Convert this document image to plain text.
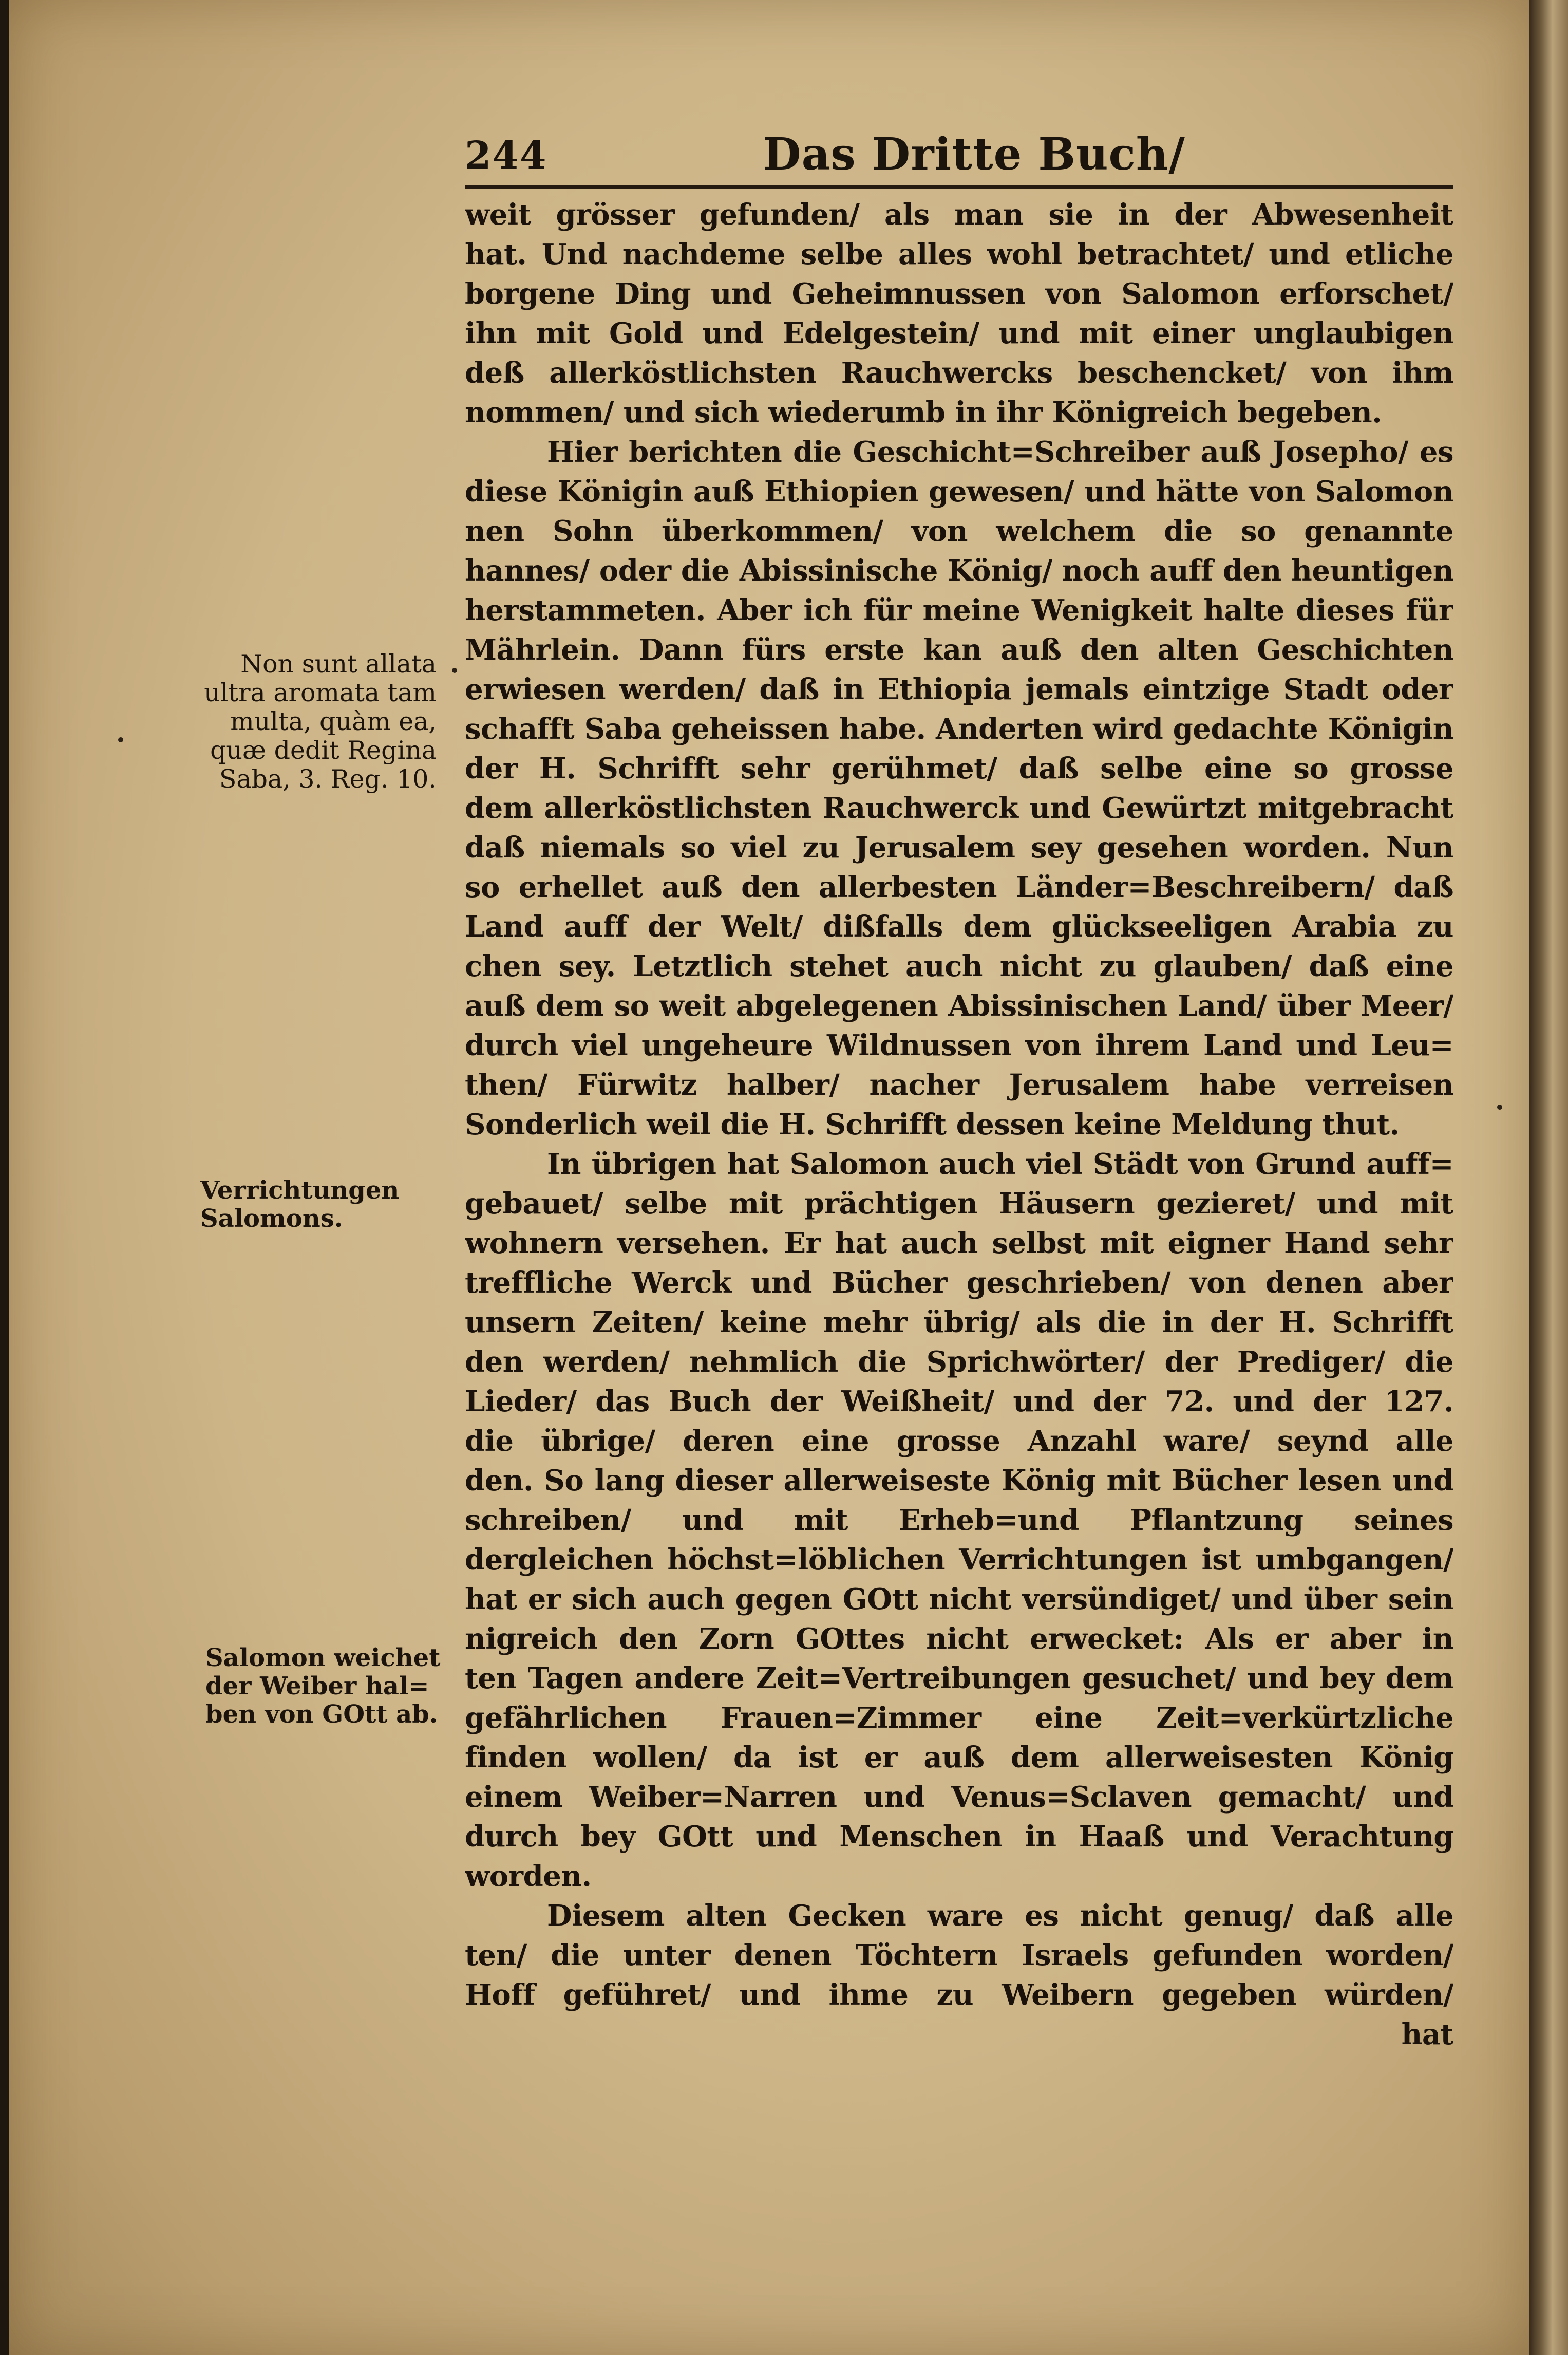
244	Das Dritte Buch/
weit grösser gefunden/ als man sie in der Abwesenheit
hat. Und nachdeme selbe alles wohl betrachtet/ und etliche
borgene Ding und Geheimnussen von Salomon erforschet/
ihn mit Gold und Edelgestein/ und mit einer unglaubigen
deß allerköstlichsten Rauchwercks beschencket/ von ihm
nommen/ und sich wiederumb in ihr Königreich begeben.
Hier berichten die Geschicht=Schreiber auß Josepho/ es
diese Königin auß Ethiopien gewesen/ und hätte von Salomon
nen Sohn überkommen/ von welchem die so genannte
hannes/ oder die Abissinische König/ noch auff den heuntigen
herstammeten. Aber ich für meine Wenigkeit halte dieses für
Mährlein. Dann fürs erste kan auß den alten Geschichten
erwiesen werden/ daß in Ethiopia jemals eintzige Stadt oder
schafft Saba geheissen habe. Anderten wird gedachte Königin
der H. Schrifft sehr gerühmet/ daß selbe eine so grosse
dem allerköstlichsten Rauchwerck und Gewürtzt mitgebracht
daß niemals so viel zu Jerusalem sey gesehen worden. Nun
so erhellet auß den allerbesten Länder=Beschreibern/ daß
Land auff der Welt/ dißfalls dem glückseeligen Arabia zu
chen sey. Letztlich stehet auch nicht zu glauben/ daß eine
auß dem so weit abgelegenen Abissinischen Land/ über Meer/
durch viel ungeheure Wildnussen von ihrem Land und Leu=
then/ Fürwitz halber/ nacher Jerusalem habe verreisen
Sonderlich weil die H. Schrifft dessen keine Meldung thut.
In übrigen hat Salomon auch viel Städt von Grund auff=
gebauet/ selbe mit prächtigen Häusern gezieret/ und mit
wohnern versehen. Er hat auch selbst mit eigner Hand sehr
treffliche Werck und Bücher geschrieben/ von denen aber
unsern Zeiten/ keine mehr übrig/ als die in der H. Schrifft
den werden/ nehmlich die Sprichwörter/ der Prediger/ die
Lieder/ das Buch der Weißheit/ und der 72. und der 127.
die übrige/ deren eine grosse Anzahl ware/ seynd alle
den. So lang dieser allerweiseste König mit Bücher lesen und
schreiben/ und mit Erheb=und Pflantzung seines
dergleichen höchst=löblichen Verrichtungen ist umbgangen/
hat er sich auch gegen GOtt nicht versündiget/ und über sein
nigreich den Zorn GOttes nicht erwecket: Als er aber in
ten Tagen andere Zeit=Vertreibungen gesuchet/ und bey dem
gefährlichen Frauen=Zimmer eine Zeit=verkürtzliche
finden wollen/ da ist er auß dem allerweisesten König
einem Weiber=Narren und Venus=Sclaven gemacht/ und
durch bey GOtt und Menschen in Haaß und Verachtung
worden.
Diesem alten Gecken ware es nicht genug/ daß alle
ten/ die unter denen Töchtern Israels gefunden worden/
Hoff geführet/ und ihme zu Weibern gegeben würden/
hat
Non sunt allata
ultra aromata tam
multa, quàm ea,
quæ dedit Regina
Saba, 3. Reg. 10.
Verrichtungen
Salomons.
Salomon weichet
der Weiber hal=
ben von GOtt ab.
